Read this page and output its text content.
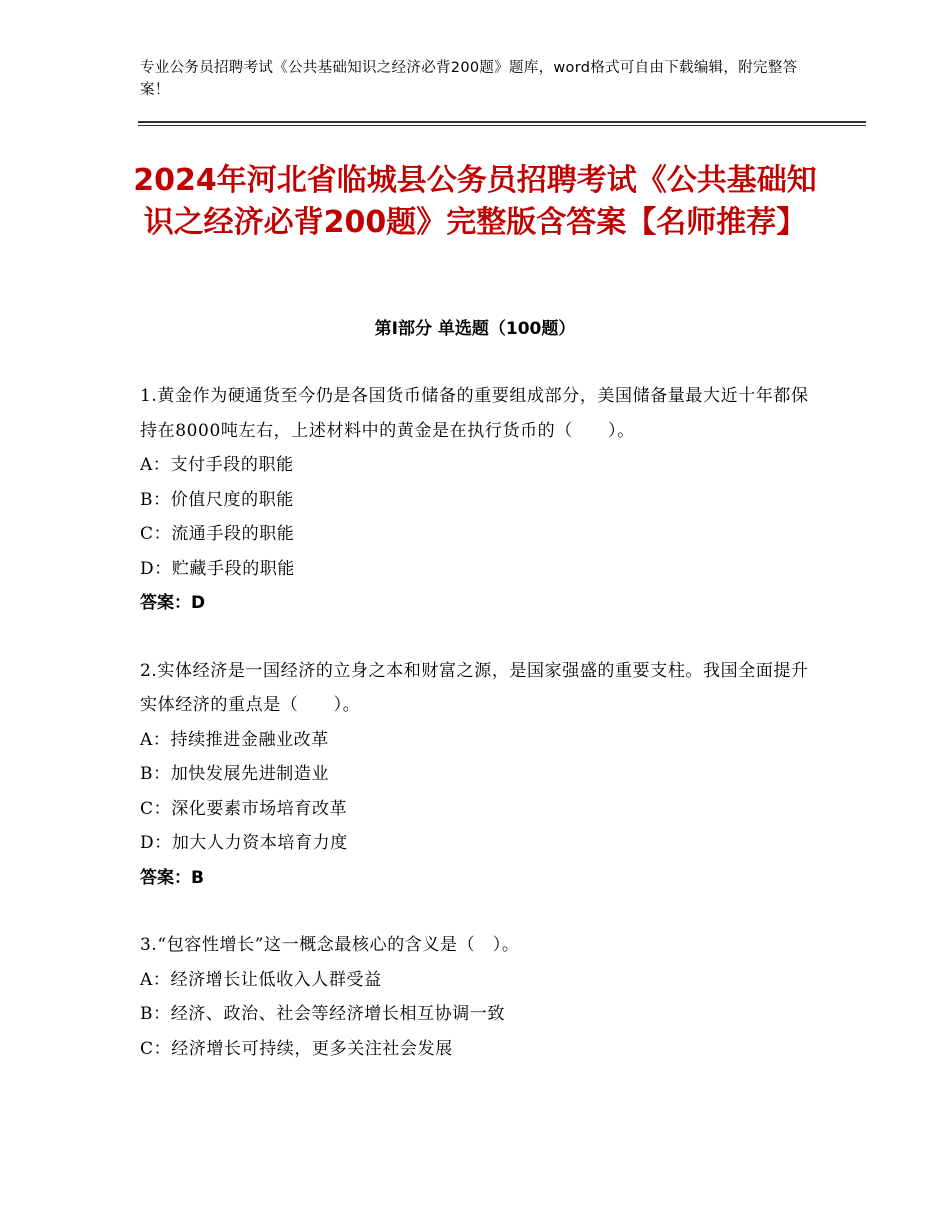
专业公务员招聘考试《公共基础知识之经济必背200题》题库，word格式可自由下载编辑，附完整答案！
2024年河北省临城县公务员招聘考试《公共基础知识之经济必背200题》完整版含答案【名师推荐】
第Ⅰ部分 单选题（100题）
1.黄金作为硬通货至今仍是各国货币储备的重要组成部分，美国储备量最大近十年都保持在8000吨左右，上述材料中的黄金是在执行货币的（　　）。
A：支付手段的职能
B：价值尺度的职能
C：流通手段的职能
D：贮藏手段的职能
答案：D
2.实体经济是一国经济的立身之本和财富之源，是国家强盛的重要支柱。我国全面提升实体经济的重点是（　　）。
A：持续推进金融业改革
B：加快发展先进制造业
C：深化要素市场培育改革
D：加大人力资本培育力度
答案：B
3.“包容性增长”这一概念最核心的含义是（　）。
A：经济增长让低收入人群受益
B：经济、政治、社会等经济增长相互协调一致
C：经济增长可持续，更多关注社会发展
